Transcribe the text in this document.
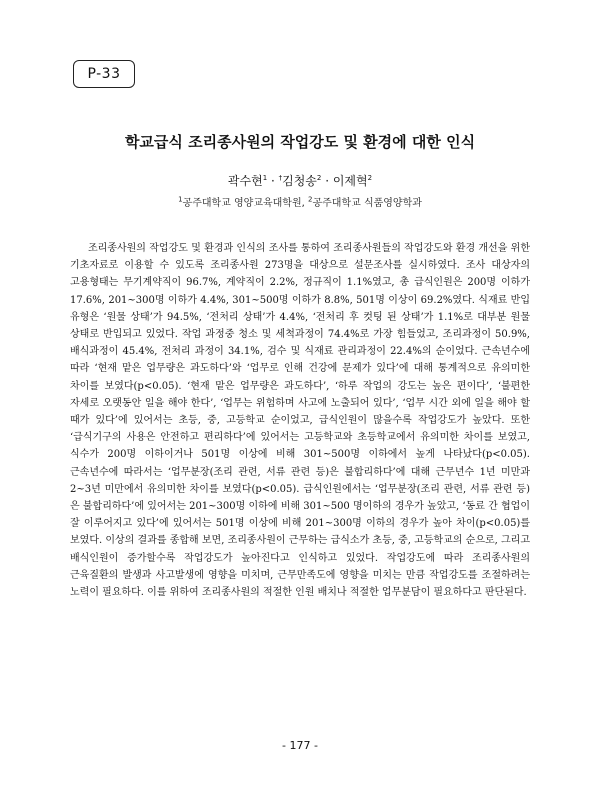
P-33
학교급식 조리종사원의 작업강도 및 환경에 대한 인식
곽수현$^1$ · †김청송$^2$ · 이제혁$^2$
$^1$공주대학교 영양교육대학원, $^2$공주대학교 식품영양학과

조리종사원의 작업강도 및 환경과 인식의 조사를 통하여 조리종사원들의 작업강도와 환경 개선을 위한 기초자료로 이용할 수 있도록 조리종사원 273명을 대상으로 설문조사를 실시하였다. 조사 대상자의 고용형태는 무기계약직이 96.7%, 계약직이 2.2%, 정규직이 1.1%였고, 총 급식인원은 200명 이하가 17.6%, 201~300명 이하가 4.4%, 301~500명 이하가 8.8%, 501명 이상이 69.2%였다. 식재료 반입 유형은 ‘원물 상태’가 94.5%, ‘전처리 상태’가 4.4%, ‘전처리 후 컷팅 된 상태’가 1.1%로 대부분 원물 상태로 반입되고 있었다. 작업 과정중 청소 및 세척과정이 74.4%로 가장 힘들었고, 조리과정이 50.9%, 배식과정이 45.4%, 전처리 과정이 34.1%, 검수 및 식재료 관리과정이 22.4%의 순이었다. 근속년수에 따라 ‘현재 맡은 업무량은 과도하다’와 ‘업무로 인해 건강에 문제가 있다’에 대해 통계적으로 유의미한 차이를 보였다(p<0.05). ‘현재 맡은 업무량은 과도하다’, ‘하루 작업의 강도는 높은 편이다’, ‘불편한 자세로 오랫동안 일을 해야 한다’, ‘업무는 위험하며 사고에 노출되어 있다’, ‘업무 시간 외에 일을 해야 할 때가 있다’에 있어서는 초등, 중, 고등학교 순이었고, 급식인원이 많을수록 작업강도가 높았다. 또한 ‘급식기구의 사용은 안전하고 편리하다’에 있어서는 고등학교와 초등학교에서 유의미한 차이를 보였고, 식수가 200명 이하이거나 501명 이상에 비해 301~500명 이하에서 높게 나타났다(p<0.05). 근속년수에 따라서는 ‘업무분장(조리 관련, 서류 관련 등)은 불합리하다’에 대해 근무년수 1년 미만과 2~3년 미만에서 유의미한 차이를 보였다(p<0.05). 급식인원에서는 ‘업무분장(조리 관련, 서류 관련 등)은 불합리하다’에 있어서는 201~300명 이하에 비해 301~500 명이하의 경우가 높았고, ‘동료 간 협업이 잘 이루어지고 있다’에 있어서는 501명 이상에 비해 201~300명 이하의 경우가 높아 차이(p<0.05)를 보였다. 이상의 결과를 종합해 보면, 조리종사원이 근무하는 급식소가 초등, 중, 고등학교의 순으로, 그리고 배식인원이 증가할수록 작업강도가 높아진다고 인식하고 있었다. 작업강도에 따라 조리종사원의 근육질환의 발생과 사고발생에 영향을 미치며, 근무만족도에 영향을 미치는 만큼 작업강도를 조절하려는 노력이 필요하다. 이를 위하여 조리종사원의 적절한 인원 배치나 적절한 업무분담이 필요하다고 판단된다.

- 177 -
